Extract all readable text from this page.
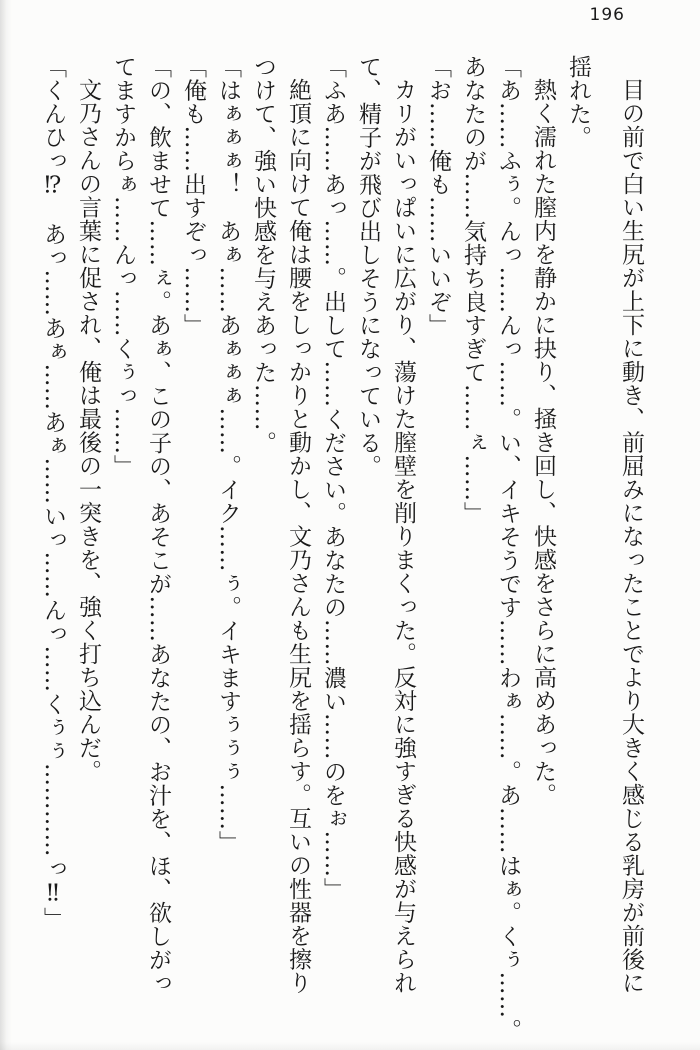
196

目の前で白い生尻が上下に動き、前屈みになったことでより大きく感じる乳房が前後に

揺れた。

熱く濡れた膣内を静かに抉り、掻き回し、快感をさらに高めあった。

「あ……ふぅ。んっ……んっ……。い、イキそうです……わぁ……。あ……はぁ。くぅ……。

あなたのが……気持ち良すぎて……ぇ……」

「お……俺も……いいぞ」

カリがいっぱいに広がり、蕩けた膣壁を削りまくった。反対に強すぎる快感が与えられ

て、精子が飛び出しそうになっている。

「ふあ……あっ……。出して……ください。あなたの……濃い……のをぉ……」

絶頂に向けて俺は腰をしっかりと動かし、文乃さんも生尻を揺らす。互いの性器を擦り

つけて、強い快感を与えあった……。

「はぁぁぁ！　あぁ……あぁぁぁ……。イク……ぅ。イキますぅぅぅ……」

「俺も……出すぞっ……」

「の、飲ませて……ぇ。あぁ、この子の、あそこが……あなたの、お汁を、ほ、欲しがっ

てますからぁ……んっ……くぅっ……」

文乃さんの言葉に促され、俺は最後の一突きを、強く打ち込んだ。

「くんひっ⁉　あっ……あぁ……あぁ……いっ……んっ……くぅぅ…………っ‼」
